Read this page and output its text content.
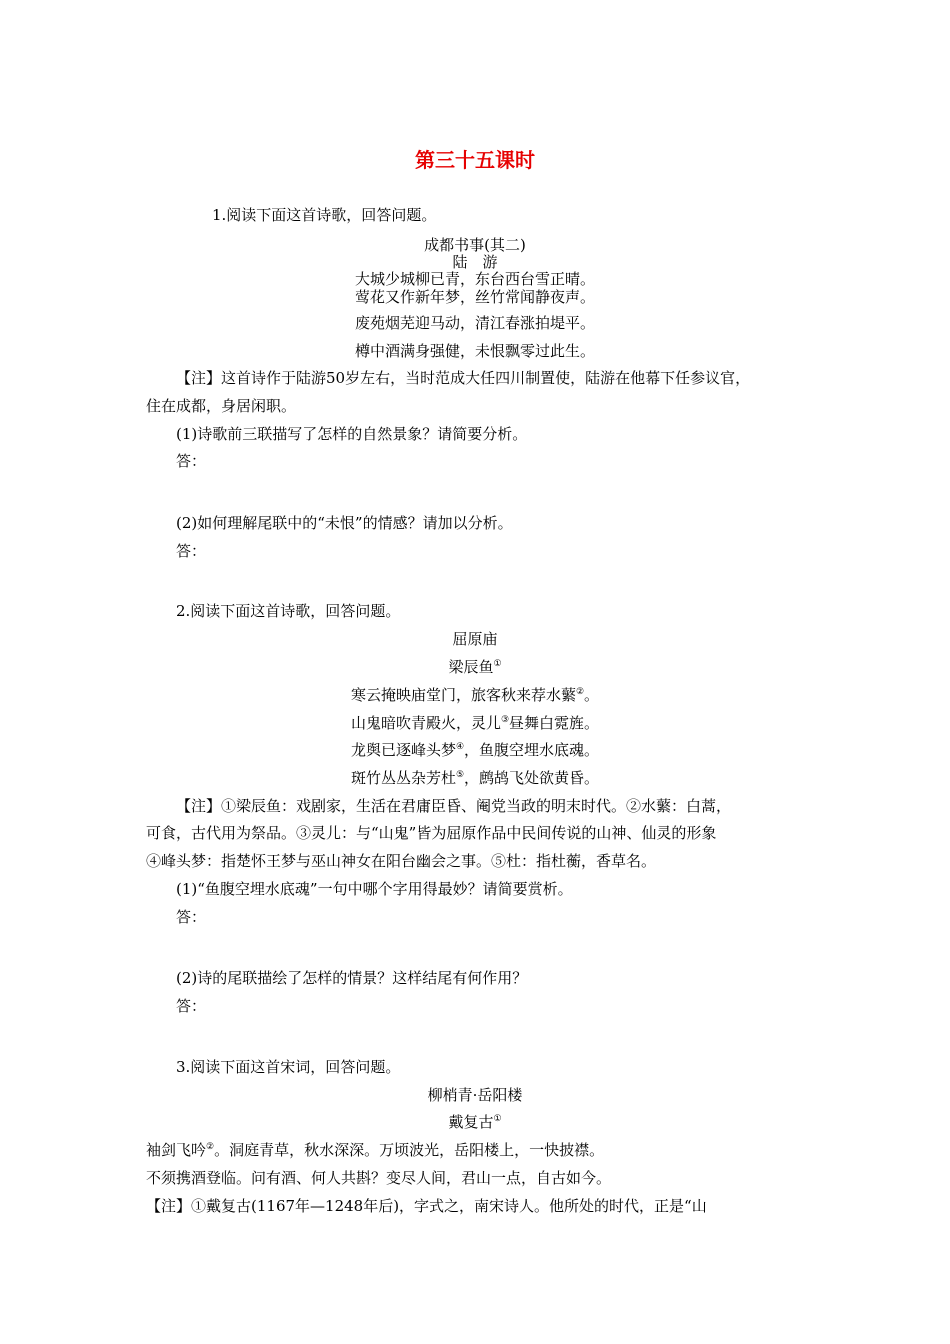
第三十五课时
1.阅读下面这首诗歌，回答问题。
成都书事(其二)
陆　游
大城少城柳已青，东台西台雪正晴。
莺花又作新年梦，丝竹常闻静夜声。
废苑烟芜迎马动，清江春涨拍堤平。
樽中酒满身强健，未恨飘零过此生。
【注】这首诗作于陆游50岁左右，当时范成大任四川制置使，陆游在他幕下任参议官，
住在成都，身居闲职。
(1)诗歌前三联描写了怎样的自然景象？请简要分析。
答：
(2)如何理解尾联中的“未恨”的情感？请加以分析。
答：
2.阅读下面这首诗歌，回答问题。
屈原庙
梁辰鱼①
寒云掩映庙堂门，旅客秋来荐水蘩②。
山鬼暗吹青殿火，灵儿③昼舞白霓旌。
龙舆已逐峰头梦④，鱼腹空埋水底魂。
斑竹丛丛杂芳杜⑤，鹧鸪飞处欲黄昏。
【注】①梁辰鱼：戏剧家，生活在君庸臣昏、阉党当政的明末时代。②水蘩：白蒿，
可食，古代用为祭品。③灵儿：与“山鬼”皆为屈原作品中民间传说的山神、仙灵的形象
④峰头梦：指楚怀王梦与巫山神女在阳台幽会之事。⑤杜：指杜蘅，香草名。
(1)“鱼腹空埋水底魂”一句中哪个字用得最妙？请简要赏析。
答：
(2)诗的尾联描绘了怎样的情景？这样结尾有何作用？
答：
3.阅读下面这首宋词，回答问题。
柳梢青·岳阳楼
戴复古①
袖剑飞吟②。洞庭青草，秋水深深。万顷波光，岳阳楼上，一快披襟。
不须携酒登临。问有酒、何人共斟？变尽人间，君山一点，自古如今。
【注】①戴复古(1167年—1248年后)，字式之，南宋诗人。他所处的时代，正是“山
